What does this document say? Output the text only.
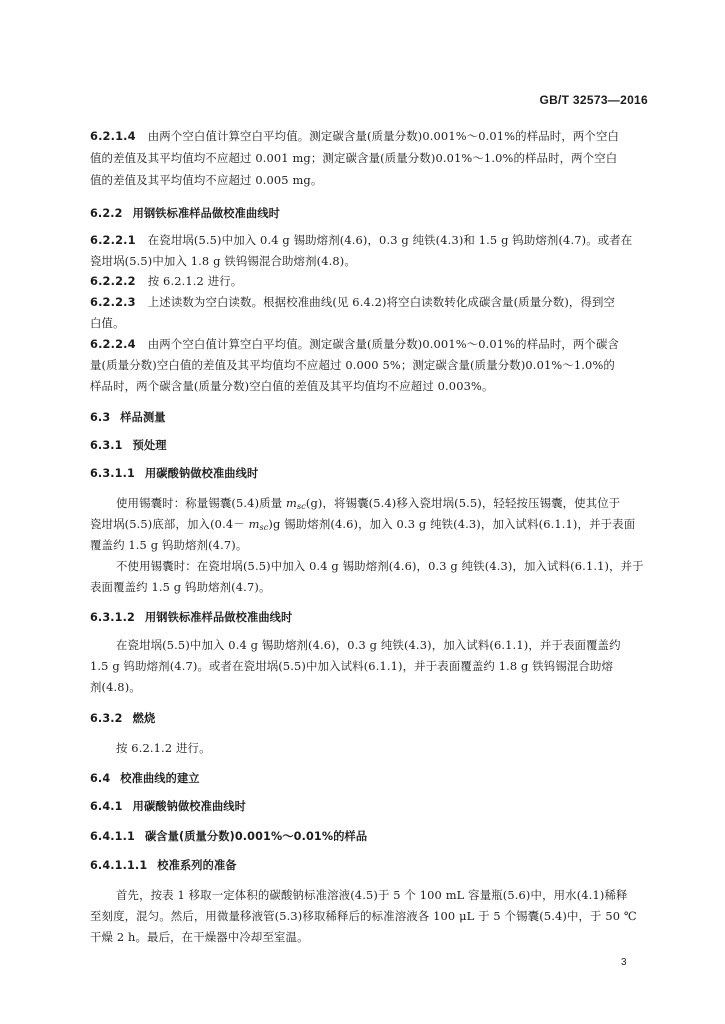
GB/T 32573—2016
6.2.1.4 由两个空白值计算空白平均值。测定碳含量(质量分数)0.001%～0.01%的样品时，两个空白
值的差值及其平均值均不应超过 0.001 mg；测定碳含量(质量分数)0.01%～1.0%的样品时，两个空白
值的差值及其平均值均不应超过 0.005 mg。
6.2.2 用钢铁标准样品做校准曲线时
6.2.2.1 在瓷坩埚(5.5)中加入 0.4 g 锡助熔剂(4.6)，0.3 g 纯铁(4.3)和 1.5 g 钨助熔剂(4.7)。或者在
瓷坩埚(5.5)中加入 1.8 g 铁钨锡混合助熔剂(4.8)。
6.2.2.2 按 6.2.1.2 进行。
6.2.2.3 上述读数为空白读数。根据校准曲线(见 6.4.2)将空白读数转化成碳含量(质量分数)，得到空
白值。
6.2.2.4 由两个空白值计算空白平均值。测定碳含量(质量分数)0.001%～0.01%的样品时，两个碳含
量(质量分数)空白值的差值及其平均值均不应超过 0.000 5%；测定碳含量(质量分数)0.01%～1.0%的
样品时，两个碳含量(质量分数)空白值的差值及其平均值均不应超过 0.003%。
6.3 样品测量
6.3.1 预处理
6.3.1.1 用碳酸钠做校准曲线时
使用锡囊时：称量锡囊(5.4)质量 $m_{sc}(g)$，将锡囊(5.4)移入瓷坩埚(5.5)，轻轻按压锡囊，使其位于
瓷坩埚(5.5)底部，加入$(0.4- m_{sc})g$ 锡助熔剂(4.6)，加入 0.3 g 纯铁(4.3)，加入试料(6.1.1)，并于表面
覆盖约 1.5 g 钨助熔剂(4.7)。
不使用锡囊时：在瓷坩埚(5.5)中加入 0.4 g 锡助熔剂(4.6)，0.3 g 纯铁(4.3)，加入试料(6.1.1)，并于
表面覆盖约 1.5 g 钨助熔剂(4.7)。
6.3.1.2 用钢铁标准样品做校准曲线时
在瓷坩埚(5.5)中加入 0.4 g 锡助熔剂(4.6)，0.3 g 纯铁(4.3)，加入试料(6.1.1)，并于表面覆盖约
1.5 g 钨助熔剂(4.7)。或者在瓷坩埚(5.5)中加入试料(6.1.1)，并于表面覆盖约 1.8 g 铁钨锡混合助熔
剂(4.8)。
6.3.2 燃烧
按 6.2.1.2 进行。
6.4 校准曲线的建立
6.4.1 用碳酸钠做校准曲线时
6.4.1.1 碳含量(质量分数)0.001%～0.01%的样品
6.4.1.1.1 校准系列的准备
首先，按表 1 移取一定体积的碳酸钠标准溶液(4.5)于 5 个 100 mL 容量瓶(5.6)中，用水(4.1)稀释
至刻度，混匀。然后，用微量移液管(5.3)移取稀释后的标准溶液各 100 μL 于 5 个锡囊(5.4)中，于 50 ℃
干燥 2 h。最后，在干燥器中冷却至室温。
3
